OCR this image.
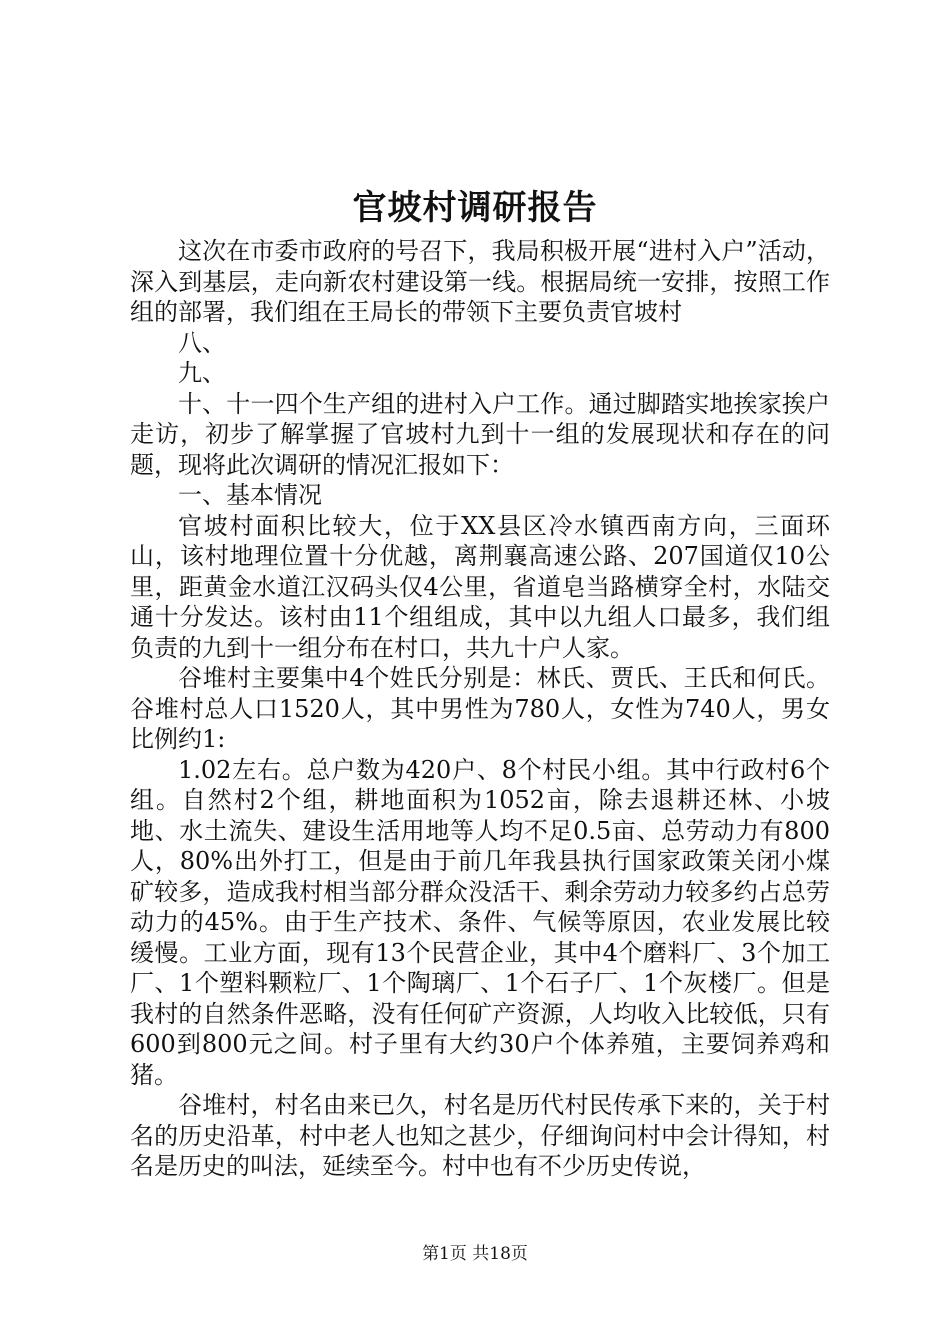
官坡村调研报告

这次在市委市政府的号召下，我局积极开展“进村入户”活动，深入到基层，走向新农村建设第一线。根据局统一安排，按照工作组的部署，我们组在王局长的带领下主要负责官坡村

八、

九、

十、十一四个生产组的进村入户工作。通过脚踏实地挨家挨户走访，初步了解掌握了官坡村九到十一组的发展现状和存在的问题，现将此次调研的情况汇报如下：

一、基本情况

官坡村面积比较大，位于XX县区冷水镇西南方向，三面环山，该村地理位置十分优越，离荆襄高速公路、207国道仅10公里，距黄金水道江汉码头仅4公里，省道皂当路横穿全村，水陆交通十分发达。该村由11个组组成，其中以九组人口最多，我们组负责的九到十一组分布在村口，共九十户人家。

谷堆村主要集中4个姓氏分别是：林氏、贾氏、王氏和何氏。谷堆村总人口1520人，其中男性为780人，女性为740人，男女比例约1:

1.02左右。总户数为420户、8个村民小组。其中行政村6个组。自然村2个组，耕地面积为1052亩，除去退耕还林、小坡地、水土流失、建设生活用地等人均不足0.5亩、总劳动力有800人，80%出外打工，但是由于前几年我县执行国家政策关闭小煤矿较多，造成我村相当部分群众没活干、剩余劳动力较多约占总劳动力的45%。由于生产技术、条件、气候等原因，农业发展比较缓慢。工业方面，现有13个民营企业，其中4个磨料厂、3个加工厂、1个塑料颗粒厂、1个陶璃厂、1个石子厂、1个灰楼厂。但是我村的自然条件恶略，没有任何矿产资源，人均收入比较低，只有600到800元之间。村子里有大约30户个体养殖，主要饲养鸡和猪。

谷堆村，村名由来已久，村名是历代村民传承下来的，关于村名的历史沿革，村中老人也知之甚少，仔细询问村中会计得知，村名是历史的叫法，延续至今。村中也有不少历史传说，

第1页 共18页
